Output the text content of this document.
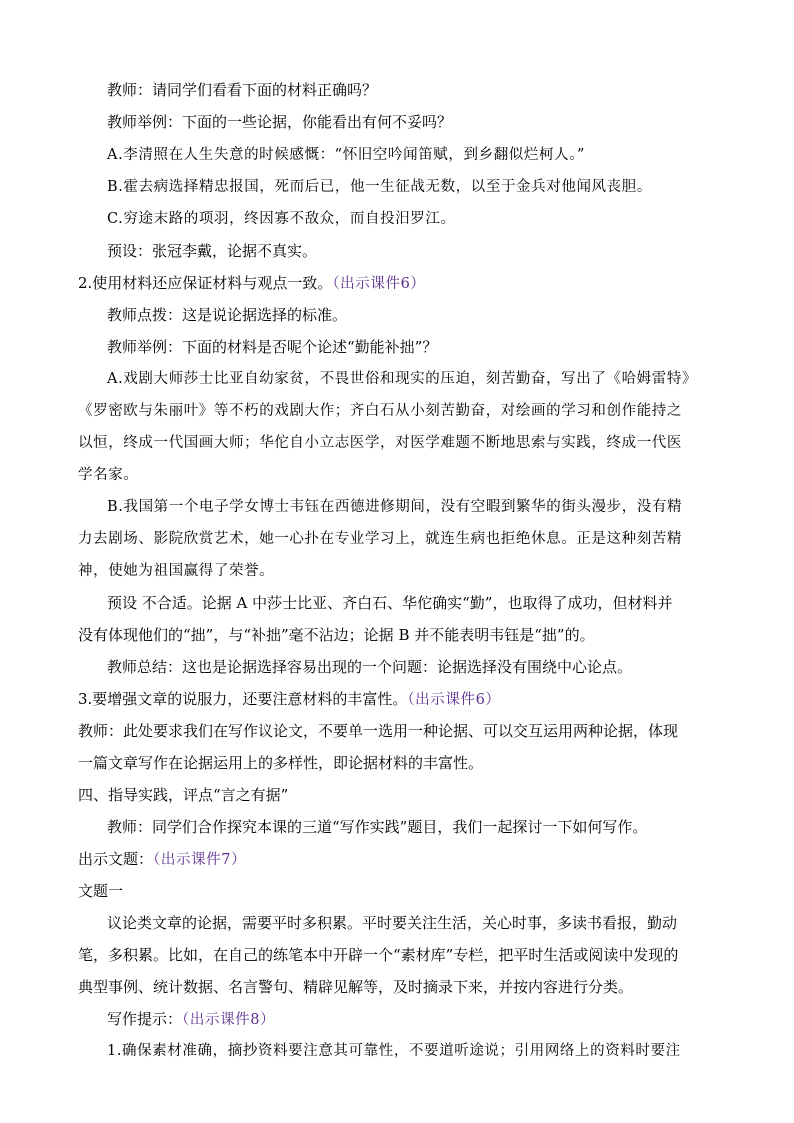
教师：请同学们看看下面的材料正确吗？
教师举例：下面的一些论据，你能看出有何不妥吗？
A.李清照在人生失意的时候感慨：“怀旧空吟闻笛赋，到乡翻似烂柯人。”
B.霍去病选择精忠报国，死而后已，他一生征战无数，以至于金兵对他闻风丧胆。
C.穷途末路的项羽，终因寡不敌众，而自投汨罗江。
预设：张冠李戴，论据不真实。
2.使用材料还应保证材料与观点一致。（出示课件6）
教师点拨：这是说论据选择的标准。
教师举例：下面的材料是否呢个论述“勤能补拙”？
A.戏剧大师莎士比亚自幼家贫，不畏世俗和现实的压迫，刻苦勤奋，写出了《哈姆雷特》
《罗密欧与朱丽叶》等不朽的戏剧大作；齐白石从小刻苦勤奋，对绘画的学习和创作能持之
以恒，终成一代国画大师；华佗自小立志医学，对医学难题不断地思索与实践，终成一代医
学名家。
B.我国第一个电子学女博士韦钰在西德进修期间，没有空暇到繁华的街头漫步，没有精
力去剧场、影院欣赏艺术，她一心扑在专业学习上，就连生病也拒绝休息。正是这种刻苦精
神，使她为祖国赢得了荣誉。
预设 不合适。论据 A 中莎士比亚、齐白石、华佗确实“勤”，也取得了成功，但材料并
没有体现他们的“拙”，与“补拙”毫不沾边；论据 B 并不能表明韦钰是“拙”的。
教师总结：这也是论据选择容易出现的一个问题：论据选择没有围绕中心论点。
3.要增强文章的说服力，还要注意材料的丰富性。（出示课件6）
教师：此处要求我们在写作议论文，不要单一选用一种论据、可以交互运用两种论据，体现
一篇文章写作在论据运用上的多样性，即论据材料的丰富性。
四、指导实践，评点“言之有据”
教师：同学们合作探究本课的三道“写作实践”题目，我们一起探讨一下如何写作。
出示文题：（出示课件7）
文题一
议论类文章的论据，需要平时多积累。平时要关注生活，关心时事，多读书看报，勤动
笔，多积累。比如，在自己的练笔本中开辟一个“素材库”专栏，把平时生活或阅读中发现的
典型事例、统计数据、名言警句、精辟见解等，及时摘录下来，并按内容进行分类。
写作提示：（出示课件8）
1.确保素材准确，摘抄资料要注意其可靠性，不要道听途说；引用网络上的资料时要注
